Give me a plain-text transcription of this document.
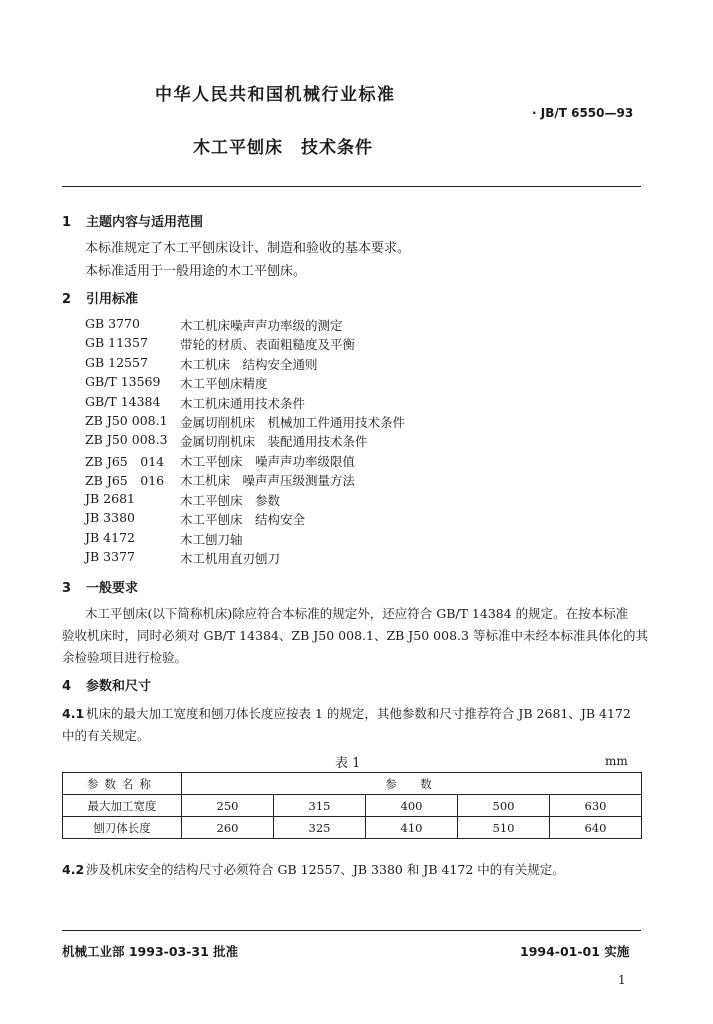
中华人民共和国机械行业标准
· JB/T 6550—93
木工平刨床　技术条件
1 主题内容与适用范围
本标准规定了木工平刨床设计、制造和验收的基本要求。
本标准适用于一般用途的木工平刨床。
2 引用标准
GB 3770	木工机床噪声声功率级的测定
GB 11357	带轮的材质、表面粗糙度及平衡
GB 12557	木工机床　结构安全通则
GB/T 13569 木工平刨床精度
GB/T 14384 木工机床通用技术条件
ZB J50 008.1 金属切削机床　机械加工件通用技术条件
ZB J50 008.3 金属切削机床　装配通用技术条件
ZB J65　014 木工平刨床　噪声声功率级限值
ZB J65　016 木工机床　噪声声压级测量方法
JB 2681	木工平刨床　参数
JB 3380	木工平刨床　结构安全
JB 4172	木工刨刀轴
JB 3377	木工机用直刃刨刀
3 一般要求
木工平刨床(以下简称机床)除应符合本标准的规定外，还应符合 GB/T 14384 的规定。在按本标准
验收机床时，同时必须对 GB/T 14384、ZB J50 008.1、ZB J50 008.3 等标准中未经本标准具体化的其
余检验项目进行检验。
4 参数和尺寸
4.1 机床的最大加工宽度和刨刀体长度应按表 1 的规定，其他参数和尺寸推荐符合 JB 2681、JB 4172
中的有关规定。
表 1	mm
参数名称	参　数				
最大加工宽度	250	315	400	500	630
刨刀体长度	260	325	410	510	640
4.2 涉及机床安全的结构尺寸必须符合 GB 12557、JB 3380 和 JB 4172 中的有关规定。
机械工业部 1993-03-31 批准	1994-01-01 实施
1
